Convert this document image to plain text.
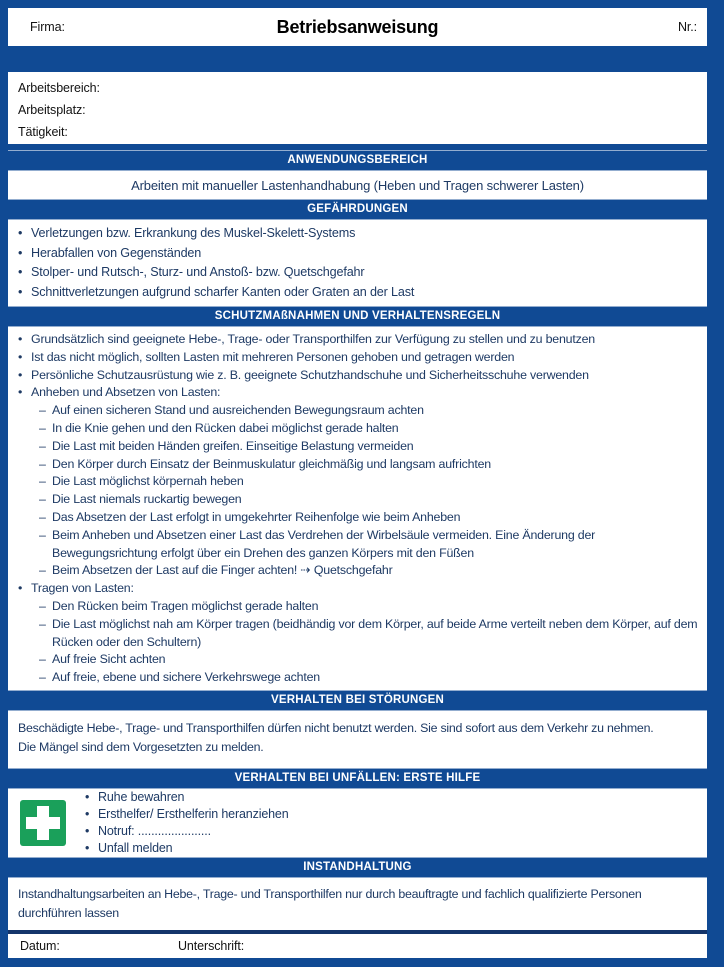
Firma:	Betriebsanweisung	Nr.:
Arbeitsbereich:
Arbeitsplatz:
Tätigkeit:
ANWENDUNGSBEREICH
Arbeiten mit manueller Lastenhandhabung (Heben und Tragen schwerer Lasten)
GEFÄHRDUNGEN
• Verletzungen bzw. Erkrankung des Muskel-Skelett-Systems
• Herabfallen von Gegenständen
• Stolper- und Rutsch-, Sturz- und Anstoß- bzw. Quetschgefahr
• Schnittverletzungen aufgrund scharfer Kanten oder Graten an der Last
SCHUTZMAßNAHMEN UND VERHALTENSREGELN
• Grundsätzlich sind geeignete Hebe-, Trage- oder Transporthilfen zur Verfügung zu stellen und zu benutzen
• Ist das nicht möglich, sollten Lasten mit mehreren Personen gehoben und getragen werden
• Persönliche Schutzausrüstung wie z. B. geeignete Schutzhandschuhe und Sicherheitsschuhe verwenden
• Anheben und Absetzen von Lasten:
– Auf einen sicheren Stand und ausreichenden Bewegungsraum achten
– In die Knie gehen und den Rücken dabei möglichst gerade halten
– Die Last mit beiden Händen greifen. Einseitige Belastung vermeiden
– Den Körper durch Einsatz der Beinmuskulatur gleichmäßig und langsam aufrichten
– Die Last möglichst körpernah heben
– Die Last niemals ruckartig bewegen
– Das Absetzen der Last erfolgt in umgekehrter Reihenfolge wie beim Anheben
– Beim Anheben und Absetzen einer Last das Verdrehen der Wirbelsäule vermeiden. Eine Änderung der Bewegungsrichtung erfolgt über ein Drehen des ganzen Körpers mit den Füßen
– Beim Absetzen der Last auf die Finger achten! ⇢ Quetschgefahr
• Tragen von Lasten:
– Den Rücken beim Tragen möglichst gerade halten
– Die Last möglichst nah am Körper tragen (beidhändig vor dem Körper, auf beide Arme verteilt neben dem Körper, auf dem Rücken oder den Schultern)
– Auf freie Sicht achten
– Auf freie, ebene und sichere Verkehrswege achten
VERHALTEN BEI STÖRUNGEN
Beschädigte Hebe-, Trage- und Transporthilfen dürfen nicht benutzt werden. Sie sind sofort aus dem Verkehr zu nehmen.
Die Mängel sind dem Vorgesetzten zu melden.
VERHALTEN BEI UNFÄLLEN: ERSTE HILFE
• Ruhe bewahren
• Ersthelfer/ Ersthelferin heranziehen
• Notruf: ......................
• Unfall melden
INSTANDHALTUNG
Instandhaltungsarbeiten an Hebe-, Trage- und Transporthilfen nur durch beauftragte und fachlich qualifizierte Personen
durchführen lassen
Datum:	Unterschrift:
